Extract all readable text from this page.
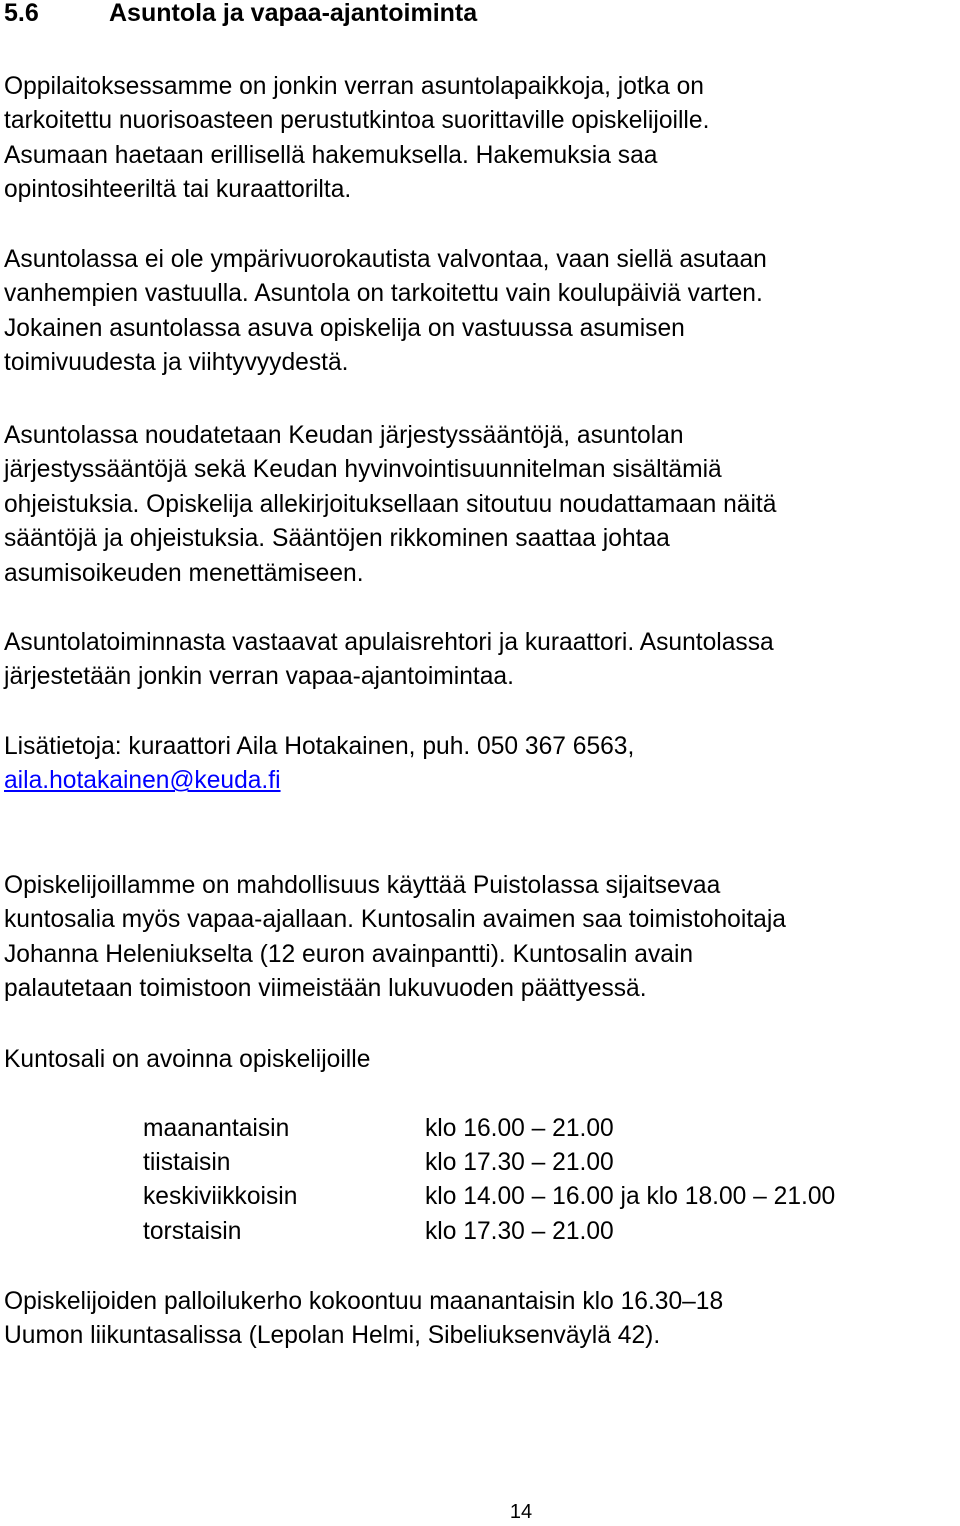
5.6	Asuntola ja vapaa-ajantoiminta

Oppilaitoksessamme on jonkin verran asuntolapaikkoja, jotka on
tarkoitettu nuorisoasteen perustutkintoa suorittaville opiskelijoille.
Asumaan haetaan erillisellä hakemuksella. Hakemuksia saa
opintosihteeriltä tai kuraattorilta.

Asuntolassa ei ole ympärivuorokautista valvontaa, vaan siellä asutaan
vanhempien vastuulla. Asuntola on tarkoitettu vain koulupäiviä varten.
Jokainen asuntolassa asuva opiskelija on vastuussa asumisen
toimivuudesta ja viihtyvyydestä.

Asuntolassa noudatetaan Keudan järjestyssääntöjä, asuntolan
järjestyssääntöjä sekä Keudan hyvinvointisuunnitelman sisältämiä
ohjeistuksia. Opiskelija allekirjoituksellaan sitoutuu noudattamaan näitä
sääntöjä ja ohjeistuksia. Sääntöjen rikkominen saattaa johtaa
asumisoikeuden menettämiseen.

Asuntolatoiminnasta vastaavat apulaisrehtori ja kuraattori. Asuntolassa
järjestetään jonkin verran vapaa-ajantoimintaa.

Lisätietoja: kuraattori Aila Hotakainen, puh. 050 367 6563,
aila.hotakainen@keuda.fi

Opiskelijoillamme on mahdollisuus käyttää Puistolassa sijaitsevaa
kuntosalia myös vapaa-ajallaan. Kuntosalin avaimen saa toimistohoitaja
Johanna Heleniukselta (12 euron avainpantti). Kuntosalin avain
palautetaan toimistoon viimeistään lukuvuoden päättyessä.

Kuntosali on avoinna opiskelijoille

maanantaisin	klo 16.00 – 21.00

tiistaisin	klo 17.30 – 21.00

keskiviikkoisin	klo 14.00 – 16.00 ja klo 18.00 – 21.00

torstaisin	klo 17.30 – 21.00

Opiskelijoiden palloilukerho kokoontuu maanantaisin klo 16.30–18
Uumon liikuntasalissa (Lepolan Helmi, Sibeliuksenväylä 42).

14
